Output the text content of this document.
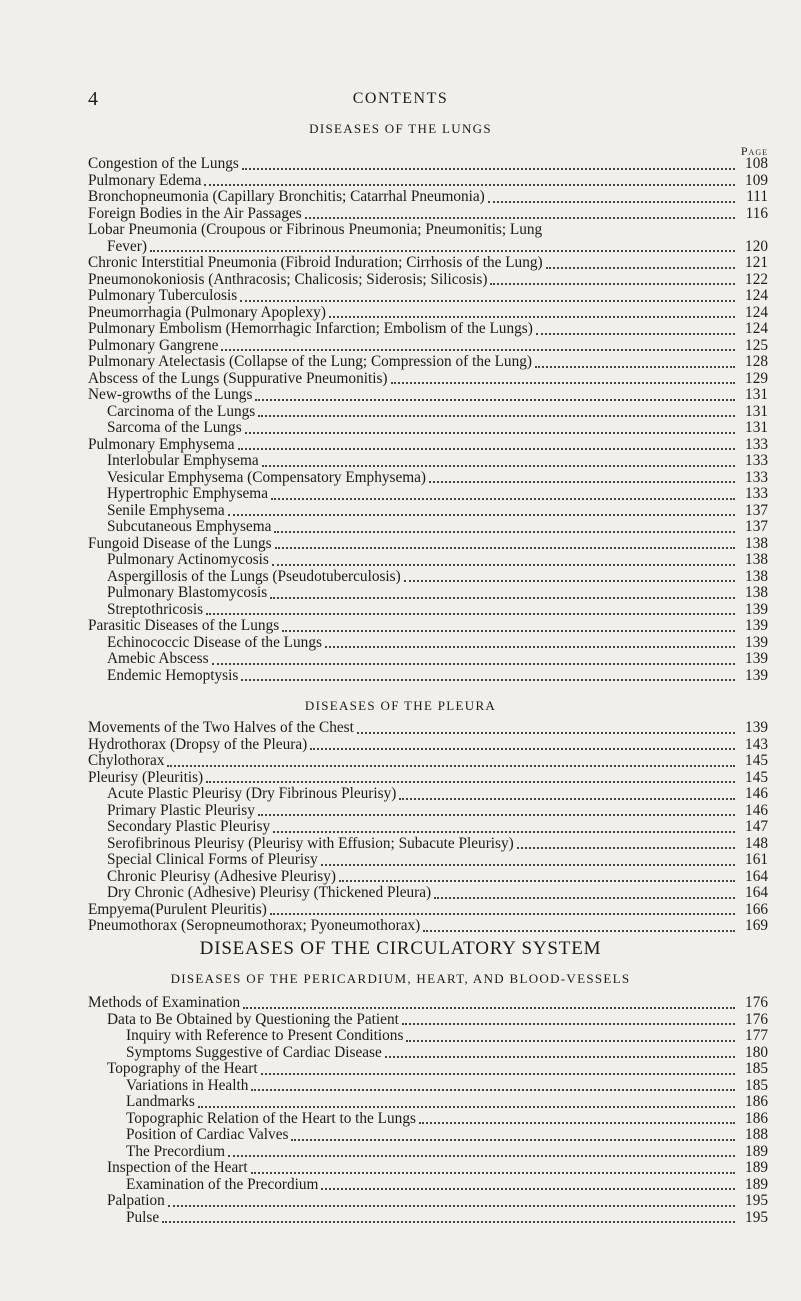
4	CONTENTS
DISEASES OF THE LUNGS
Page
Congestion of the Lungs	108
Pulmonary Edema	109
Bronchopneumonia (Capillary Bronchitis; Catarrhal Pneumonia)	111
Foreign Bodies in the Air Passages	116
Lobar Pneumonia (Croupous or Fibrinous Pneumonia; Pneumonitis; Lung
Fever)	120
Chronic Interstitial Pneumonia (Fibroid Induration; Cirrhosis of the Lung)	121
Pneumonokoniosis (Anthracosis; Chalicosis; Siderosis; Silicosis)	122
Pulmonary Tuberculosis	124
Pneumorrhagia (Pulmonary Apoplexy)	124
Pulmonary Embolism (Hemorrhagic Infarction; Embolism of the Lungs)	124
Pulmonary Gangrene	125
Pulmonary Atelectasis (Collapse of the Lung; Compression of the Lung)	128
Abscess of the Lungs (Suppurative Pneumonitis)	129
New-growths of the Lungs	131
Carcinoma of the Lungs	131
Sarcoma of the Lungs	131
Pulmonary Emphysema	133
Interlobular Emphysema	133
Vesicular Emphysema (Compensatory Emphysema)	133
Hypertrophic Emphysema	133
Senile Emphysema	137
Subcutaneous Emphysema	137
Fungoid Disease of the Lungs	138
Pulmonary Actinomycosis	138
Aspergillosis of the Lungs (Pseudotuberculosis)	138
Pulmonary Blastomycosis	138
Streptothricosis	139
Parasitic Diseases of the Lungs	139
Echinococcic Disease of the Lungs	139
Amebic Abscess	139
Endemic Hemoptysis	139
DISEASES OF THE PLEURA
Movements of the Two Halves of the Chest	139
Hydrothorax (Dropsy of the Pleura)	143
Chylothorax	145
Pleurisy (Pleuritis)	145
Acute Plastic Pleurisy (Dry Fibrinous Pleurisy)	146
Primary Plastic Pleurisy	146
Secondary Plastic Pleurisy	147
Serofibrinous Pleurisy (Pleurisy with Effusion; Subacute Pleurisy)	148
Special Clinical Forms of Pleurisy	161
Chronic Pleurisy (Adhesive Pleurisy)	164
Dry Chronic (Adhesive) Pleurisy (Thickened Pleura)	164
Empyema(Purulent Pleuritis)	166
Pneumothorax (Seropneumothorax; Pyoneumothorax)	169
DISEASES OF THE CIRCULATORY SYSTEM
DISEASES OF THE PERICARDIUM, HEART, AND BLOOD-VESSELS
Methods of Examination	176
Data to Be Obtained by Questioning the Patient	176
Inquiry with Reference to Present Conditions	177
Symptoms Suggestive of Cardiac Disease	180
Topography of the Heart	185
Variations in Health	185
Landmarks	186
Topographic Relation of the Heart to the Lungs	186
Position of Cardiac Valves	188
The Precordium	189
Inspection of the Heart	189
Examination of the Precordium	189
Palpation	195
Pulse	195
